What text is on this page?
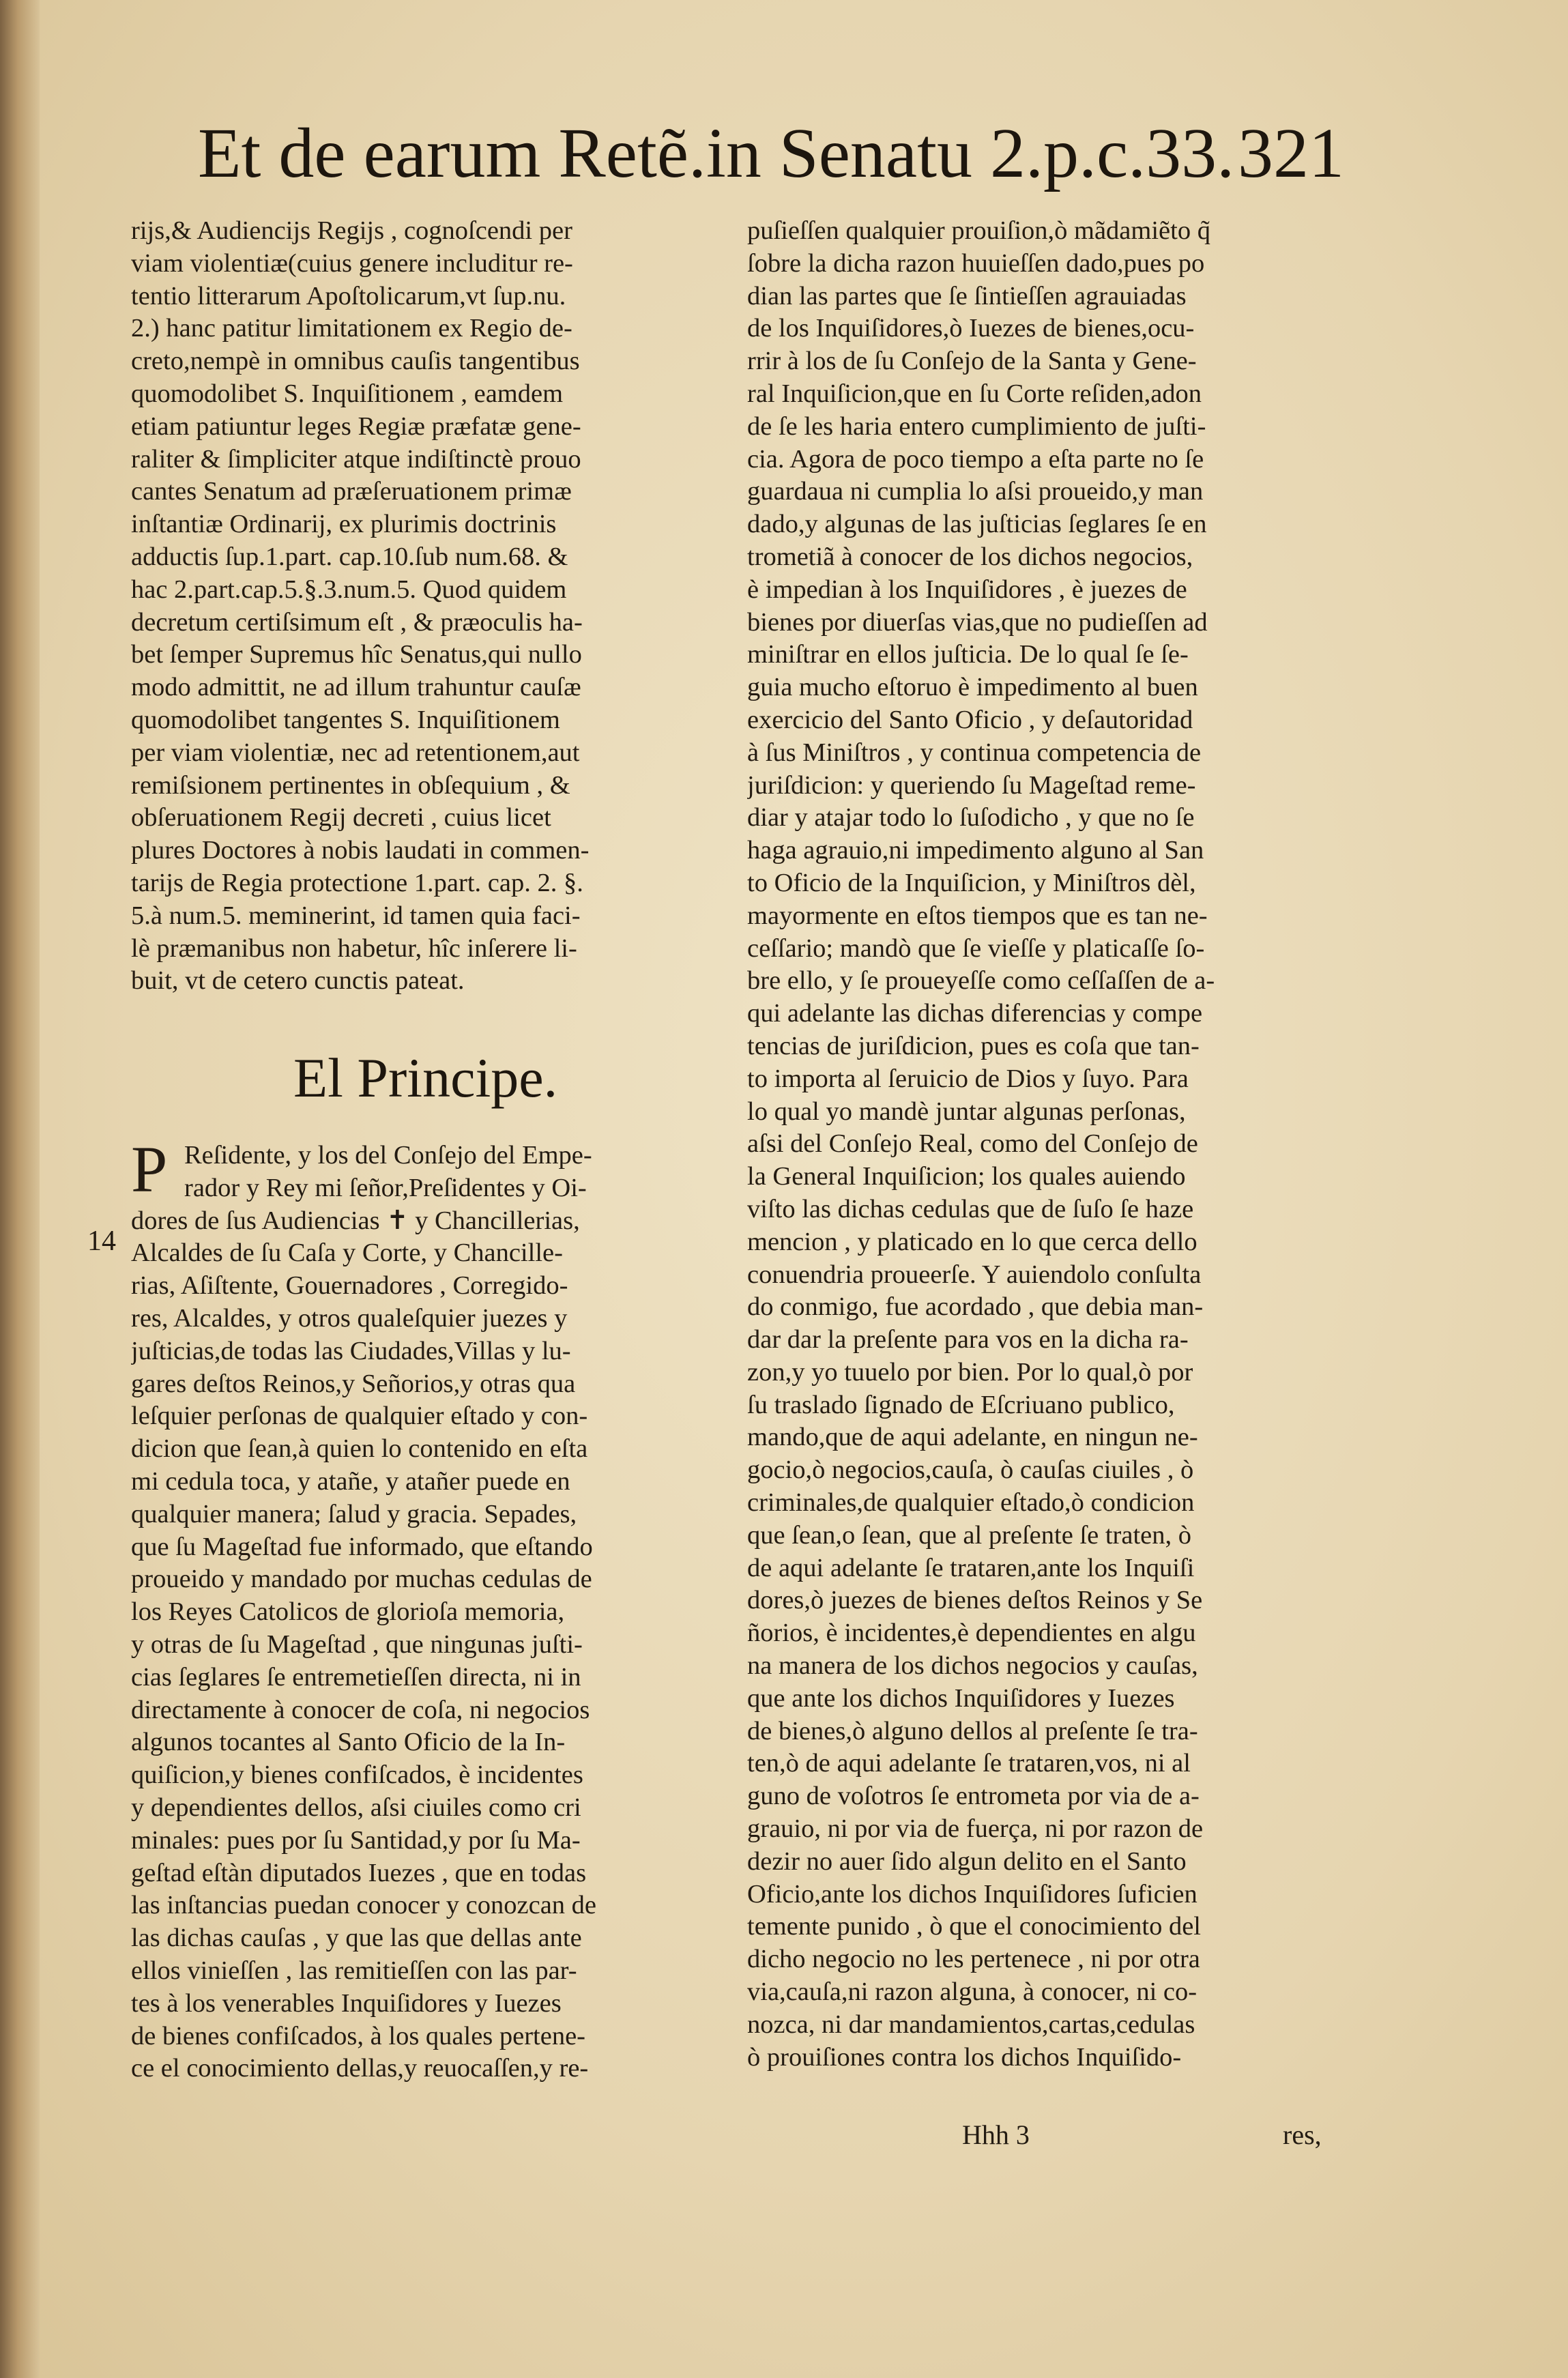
Et de earum Retẽ.in Senatu 2.p.c.33. 321
rijs,& Audiencijs Regijs , cognoſcendi per
viam violentiæ(cuius genere includitur re-
tentio litterarum Apoſtolicarum,vt ſup.nu.
2.) hanc patitur limitationem ex Regio de-
creto,nempè in omnibus cauſis tangentibus
quomodolibet S. Inquiſitionem , eamdem
etiam patiuntur leges Regiæ præfatæ gene-
raliter & ſimpliciter atque indiſtinctè prouo
cantes Senatum ad præſeruationem primæ
inſtantiæ Ordinarij, ex plurimis doctrinis
adductis ſup.1.part. cap.10.ſub num.68. &
hac 2.part.cap.5.§.3.num.5. Quod quidem
decretum certiſsimum eſt , & præoculis ha-
bet ſemper Supremus hîc Senatus,qui nullo
modo admittit, ne ad illum trahuntur cauſæ
quomodolibet tangentes S. Inquiſitionem
per viam violentiæ, nec ad retentionem,aut
remiſsionem pertinentes in obſequium , &
obſeruationem Regij decreti , cuius licet
plures Doctores à nobis laudati in commen-
tarijs de Regia protectione 1.part. cap. 2. §.
5.à num.5. meminerint, id tamen quia faci-
lè præmanibus non habetur, hîc inſerere li-
buit, vt de cetero cunctis pateat.
El Principe.
14
P Reſidente, y los del Conſejo del Empe-
rador y Rey mi ſeñor,Preſidentes y Oi-
dores de ſus Audiencias ✝ y Chancillerias,
Alcaldes de ſu Caſa y Corte, y Chancille-
rias, Aſiſtente, Gouernadores , Corregido-
res, Alcaldes, y otros qualeſquier juezes y
juſticias,de todas las Ciudades,Villas y lu-
gares deſtos Reinos,y Señorios,y otras qua
leſquier perſonas de qualquier eſtado y con-
dicion que ſean,à quien lo contenido en eſta
mi cedula toca, y atañe, y atañer puede en
qualquier manera; ſalud y gracia. Sepades,
que ſu Mageſtad fue informado, que eſtando
proueido y mandado por muchas cedulas de
los Reyes Catolicos de glorioſa memoria,
y otras de ſu Mageſtad , que ningunas juſti-
cias ſeglares ſe entremetieſſen directa, ni in
directamente à conocer de coſa, ni negocios
algunos tocantes al Santo Oficio de la In-
quiſicion,y bienes confiſcados, è incidentes
y dependientes dellos, aſsi ciuiles como cri
minales: pues por ſu Santidad,y por ſu Ma-
geſtad eſtàn diputados Iuezes , que en todas
las inſtancias puedan conocer y conozcan de
las dichas cauſas , y que las que dellas ante
ellos vinieſſen , las remitieſſen con las par-
tes à los venerables Inquiſidores y Iuezes
de bienes confiſcados, à los quales pertene-
ce el conocimiento dellas,y reuocaſſen,y re-
puſieſſen qualquier prouiſion,ò mãdamiẽto q̃
ſobre la dicha razon huuieſſen dado,pues po
dian las partes que ſe ſintieſſen agrauiadas
de los Inquiſidores,ò Iuezes de bienes,ocu-
rrir à los de ſu Conſejo de la Santa y Gene-
ral Inquiſicion,que en ſu Corte reſiden,adon
de ſe les haria entero cumplimiento de juſti-
cia. Agora de poco tiempo a eſta parte no ſe
guardaua ni cumplia lo aſsi proueido,y man
dado,y algunas de las juſticias ſeglares ſe en
trometiã à conocer de los dichos negocios,
è impedian à los Inquiſidores , è juezes de
bienes por diuerſas vias,que no pudieſſen ad
miniſtrar en ellos juſticia. De lo qual ſe ſe-
guia mucho eſtoruo è impedimento al buen
exercicio del Santo Oficio , y deſautoridad
à ſus Miniſtros , y continua competencia de
juriſdicion: y queriendo ſu Mageſtad reme-
diar y atajar todo lo ſuſodicho , y que no ſe
haga agrauio,ni impedimento alguno al San
to Oficio de la Inquiſicion, y Miniſtros dèl,
mayormente en eſtos tiempos que es tan ne-
ceſſario; mandò que ſe vieſſe y platicaſſe ſo-
bre ello, y ſe proueyeſſe como ceſſaſſen de a-
qui adelante las dichas diferencias y compe
tencias de juriſdicion, pues es coſa que tan-
to importa al ſeruicio de Dios y ſuyo. Para
lo qual yo mandè juntar algunas perſonas,
aſsi del Conſejo Real, como del Conſejo de
la General Inquiſicion; los quales auiendo
viſto las dichas cedulas que de ſuſo ſe haze
mencion , y platicado en lo que cerca dello
conuendria proueerſe. Y auiendolo conſulta
do conmigo, fue acordado , que debia man-
dar dar la preſente para vos en la dicha ra-
zon,y yo tuuelo por bien. Por lo qual,ò por
ſu traslado ſignado de Eſcriuano publico,
mando,que de aqui adelante, en ningun ne-
gocio,ò negocios,cauſa, ò cauſas ciuiles , ò
criminales,de qualquier eſtado,ò condicion
que ſean,o ſean, que al preſente ſe traten, ò
de aqui adelante ſe trataren,ante los Inquiſi
dores,ò juezes de bienes deſtos Reinos y Se
ñorios, è incidentes,è dependientes en algu
na manera de los dichos negocios y cauſas,
que ante los dichos Inquiſidores y Iuezes
de bienes,ò alguno dellos al preſente ſe tra-
ten,ò de aqui adelante ſe trataren,vos, ni al
guno de voſotros ſe entrometa por via de a-
grauio, ni por via de fuerça, ni por razon de
dezir no auer ſido algun delito en el Santo
Oficio,ante los dichos Inquiſidores ſuficien
temente punido , ò que el conocimiento del
dicho negocio no les pertenece , ni por otra
via,cauſa,ni razon alguna, à conocer, ni co-
nozca, ni dar mandamientos,cartas,cedulas
ò prouiſiones contra los dichos Inquiſido-
Hhh 3	res,
